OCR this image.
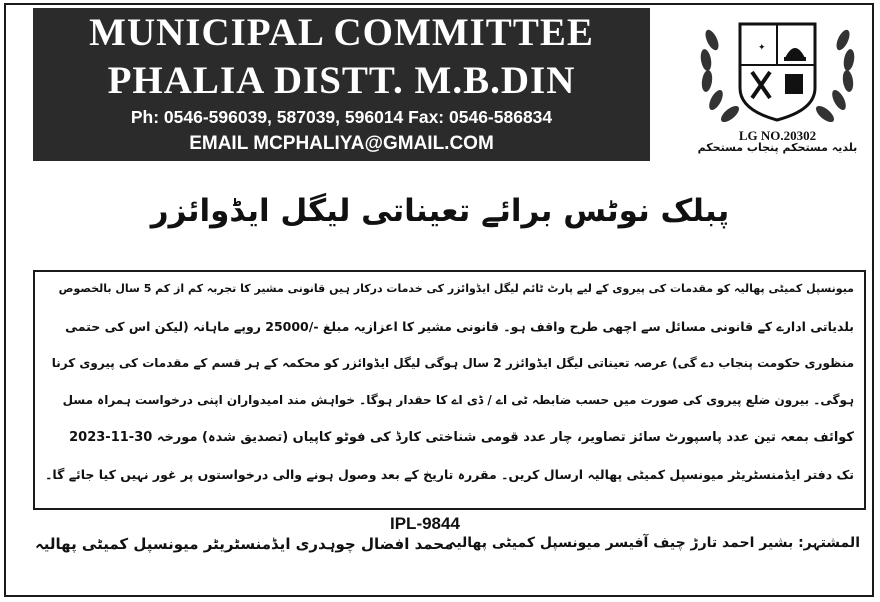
MUNICIPAL COMMITTEE
PHALIA DISTT. M.B.DIN
Ph: 0546-596039, 587039, 596014 Fax: 0546-586834
EMAIL MCPHALIYA@GMAIL.COM
✦
LG NO.20302
بلدیہ مستحکم پنجاب مستحکم
پبلک نوٹس برائے تعیناتی لیگل ایڈوائزر
میونسپل کمیٹی پھالیہ کو مقدمات کی پیروی کے لیے پارٹ ٹائم لیگل ایڈوائزر کی خدمات درکار ہیں قانونی مشیر کا تجربہ کم از کم 5 سال بالخصوص
بلدیاتی ادارے کے قانونی مسائل سے اچھی طرح واقف ہو۔ قانونی مشیر کا اعزازیہ مبلغ -/25000 روپے ماہانہ (لیکن اس کی حتمی
منظوری حکومت پنجاب دے گی) عرصہ تعیناتی لیگل ایڈوائزر 2 سال ہوگی لیگل ایڈوائزر کو محکمہ کے ہر قسم کے مقدمات کی پیروی کرنا
ہوگی۔ بیرون ضلع پیروی کی صورت میں حسب ضابطہ ٹی اے / ڈی اے کا حقدار ہوگا۔ خواہش مند امیدواران اپنی درخواست ہمراہ مسل
کوائف بمعہ تین عدد پاسپورٹ سائز تصاویر، چار عدد قومی شناختی کارڈ کی فوٹو کاپیاں (تصدیق شدہ) مورخہ 30-11-2023
تک دفتر ایڈمنسٹریٹر میونسپل کمیٹی پھالیہ ارسال کریں۔ مقررہ تاریخ کے بعد وصول ہونے والی درخواستوں پر غور نہیں کیا جائے گا۔
IPL-9844
المشتہر: بشیر احمد تارڑ چیف آفیسر میونسپل کمیٹی پھالیہ
محمد افضال چوہدری ایڈمنسٹریٹر میونسپل کمیٹی پھالیہ
